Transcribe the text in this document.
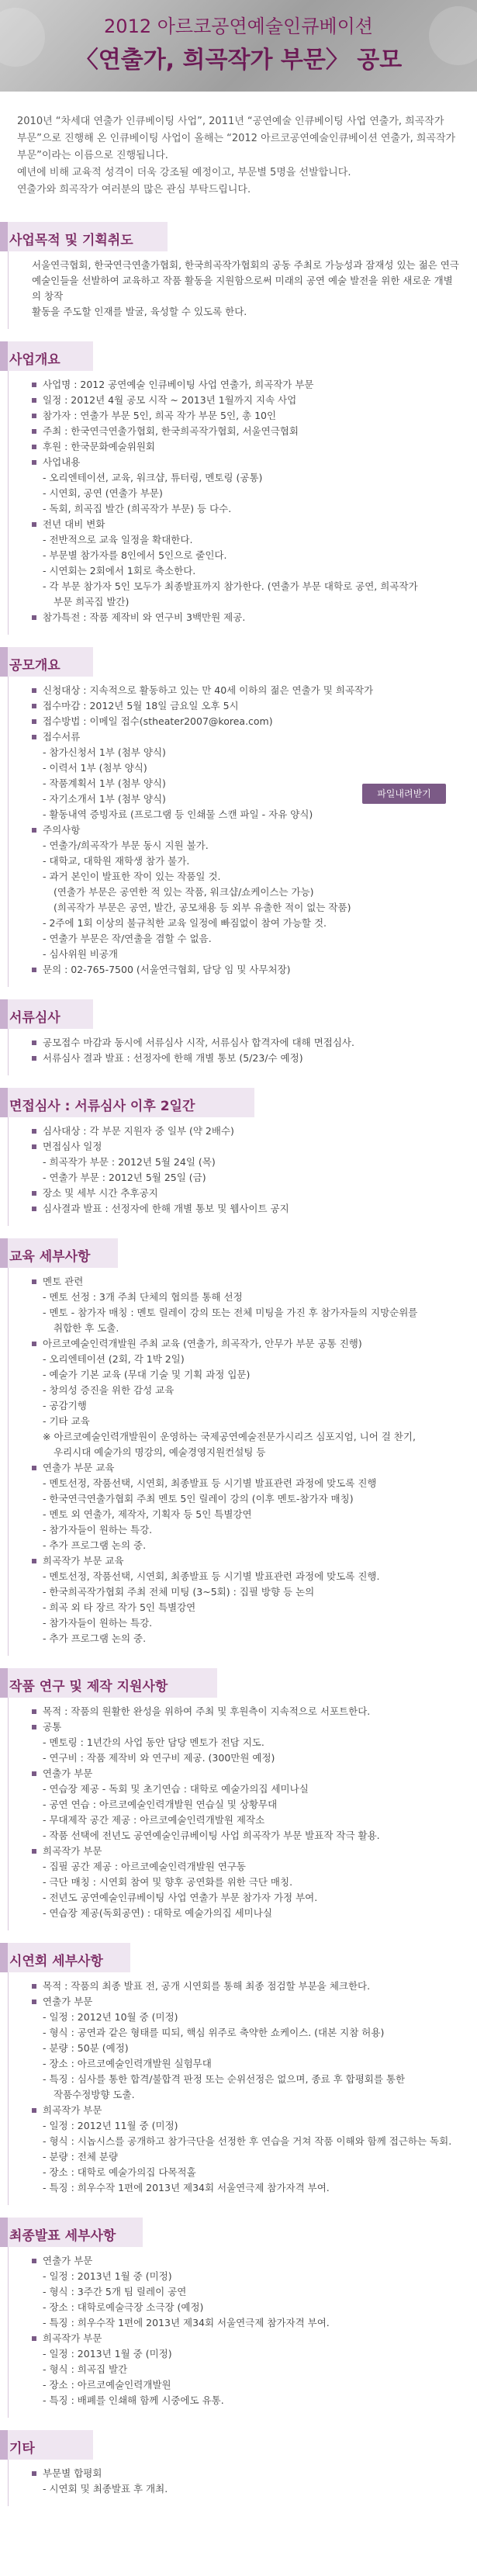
2012 아르코공연예술인큐베이션
〈연출가, 희곡작가 부문〉 공모

2010년 “차세대 연출가 인큐베이팅 사업”, 2011년 “공연예술 인큐베이팅 사업 연출가, 희곡작가

부문”으로 진행해 온 인큐베이팅 사업이 올해는 “2012 아르코공연예술인큐베이션 연출가, 희곡작가

부문”이라는 이름으로 진행됩니다.

예년에 비해 교육적 성격이 더욱 강조될 예정이고, 부문별 5명을 선발합니다.

연출가와 희곡작가 여러분의 많은 관심 부탁드립니다.

사업목적 및 기획취도
서울연극협회, 한국연극연출가협회, 한국희곡작가협회의 공동 주최로 가능성과 잠재성 있는 젊은 연극
예술인들을 선발하여 교육하고 작품 활동을 지원함으로써 미래의 공연 예술 발전을 위한 새로운 개별의 창작
활동을 주도할 인재를 발굴, 육성할 수 있도록 한다.
사업개요
사업명 : 2012 공연예술 인큐베이팅 사업 연출가, 희곡작가 부문
일정 : 2012년 4월 공모 시작 ~ 2013년 1월까지 지속 사업
참가자 : 연출가 부문 5인, 희곡 작가 부문 5인, 총 10인
주최 : 한국연극연출가협회, 한국희곡작가협회, 서울연극협회
후원 : 한국문화예술위원회
사업내용
- 오리엔테이션, 교육, 워크샵, 튜터링, 멘토링 (공통)
- 시연회, 공연 (연출가 부문)
- 독회, 희곡집 발간 (희곡작가 부문) 등 다수.
전년 대비 변화
- 전반적으로 교육 일정을 확대한다.
- 부문별 참가자를 8인에서 5인으로 줄인다.
- 시연회는 2회에서 1회로 축소한다.
- 각 부문 참가자 5인 모두가 최종발표까지 참가한다. (연출가 부문 대학로 공연, 희곡작가
부문 희곡집 발간)
참가특전 : 작품 제작비 와 연구비 3백만원 제공.
공모개요
신청대상 : 지속적으로 활동하고 있는 만 40세 이하의 젊은 연출가 및 희곡작가
접수마감 : 2012년 5월 18일 금요일 오후 5시
접수방법 : 이메일 접수(stheater2007@korea.com)
접수서류
- 참가신청서 1부 (첨부 양식)
- 이력서 1부 (첨부 양식)
- 작품계획서 1부 (첨부 양식)
- 자기소개서 1부 (첨부 양식)
- 활동내역 증빙자료 (프로그램 등 인쇄물 스캔 파일 - 자유 양식)
주의사항
- 연출가/희곡작가 부문 동시 지원 불가.
- 대학교, 대학원 재학생 참가 불가.
- 과거 본인이 발표한 작이 있는 작품일 것.
(연출가 부문은 공연한 적 있는 작품, 워크샵/쇼케이스는 가능)
(희곡작가 부문은 공연, 발간, 공모채용 등 외부 유출한 적이 없는 작품)
- 2주에 1회 이상의 불규칙한 교육 일정에 빠짐없이 참여 가능할 것.
- 연출가 부문은 작/연출을 겸할 수 없음.
- 심사위원 비공개
문의 : 02-765-7500 (서울연극협회, 담당 임 및 사무처장)
파일내려받기
서류심사
공모접수 마감과 동시에 서류심사 시작, 서류심사 합격자에 대해 면접심사.
서류심사 결과 발표 : 선정자에 한해 개별 통보 (5/23/수 예정)
면접심사 : 서류심사 이후 2일간
심사대상 : 각 부문 지원자 중 일부 (약 2배수)
면접심사 일정
- 희곡작가 부문 : 2012년 5월 24일 (목)
- 연출가 부문 : 2012년 5월 25일 (금)
장소 및 세부 시간 추후공지
심사결과 발표 : 선정자에 한해 개별 통보 및 웹사이트 공지
교육 세부사항
멘토 관련
- 멘토 선정 : 3개 주최 단체의 협의를 통해 선정
- 멘토 - 참가자 매칭 : 멘토 릴레이 강의 또는 전체 미팅을 가진 후 참가자들의 지망순위를
취합한 후 도출.
아르코예술인력개발원 주최 교육 (연출가, 희곡작가, 안무가 부문 공통 진행)
- 오리엔테이션 (2회, 각 1박 2일)
- 예술가 기본 교육 (무대 기술 및 기획 과정 입문)
- 창의성 증진을 위한 감성 교육
- 공감기행
- 기타 교육
※ 아르코예술인력개발원이 운영하는 국제공연예술전문가시리즈 심포지엄, 니어 걸 찬기,
우리시대 예술가의 명강의, 예술경영지원컨설팅 등
연출가 부문 교육
- 멘토선정, 작품선택, 시연회, 최종발표 등 시기별 발표관련 과정에 맞도록 진행
- 한국연극연출가협회 주최 멘토 5인 릴레이 강의 (이후 멘토-참가자 매칭)
- 멘토 외 연출가, 제작자, 기획자 등 5인 특별강연
- 참가자들이 원하는 특강.
- 추가 프로그램 논의 중.
희곡작가 부문 교육
- 멘토선정, 작품선택, 시연회, 최종발표 등 시기별 발표관련 과정에 맞도록 진행.
- 한국희곡작가협회 주최 전체 미팅 (3~5회) : 집필 방향 등 논의
- 희곡 외 타 장르 작가 5인 특별강연
- 참가자들이 원하는 특강.
- 추가 프로그램 논의 중.
작품 연구 및 제작 지원사항
목적 : 작품의 원활한 완성을 위하여 주최 및 후원측이 지속적으로 서포트한다.
공통
- 멘토링 : 1년간의 사업 동안 담당 멘토가 전담 지도.
- 연구비 : 작품 제작비 와 연구비 제공. (300만원 예정)
연출가 부문
- 연습장 제공 - 독회 및 초기연습 : 대학로 예술가의집 세미나실
- 공연 연습 : 아르코예술인력개발원 연습실 및 상황무대
- 무대제작 공간 제공 : 아르코예술인력개발원 제작소
- 작품 선택에 전년도 공연예술인큐베이팅 사업 희곡작가 부문 발표작 작극 활용.
희곡작가 부문
- 집필 공간 제공 : 아르코예술인력개발원 연구동
- 극단 매칭 : 시연회 참여 및 향후 공연화를 위한 극단 매칭.
- 전년도 공연예술인큐베이팅 사업 연출가 부문 참가자 가정 부여.
- 연습장 제공(독회공연) : 대학로 예술가의집 세미나실
시연회 세부사항
목적 : 작품의 최종 발표 전, 공개 시연회를 통해 최종 점검할 부분을 체크한다.
연출가 부문
- 일정 : 2012년 10월 중 (미정)
- 형식 : 공연과 같은 형태를 띠되, 핵심 위주로 축약한 쇼케이스. (대본 지참 허용)
- 분량 : 50분 (예정)
- 장소 : 아르코예술인력개발원 실험무대
- 특징 : 심사를 통한 합격/불합격 판정 또는 순위선정은 없으며, 종료 후 합평회를 통한
작품수정방향 도출.
희곡작가 부문
- 일정 : 2012년 11월 중 (미정)
- 형식 : 시놉시스를 공개하고 참가극단을 선정한 후 연습을 거쳐 작품 이해와 함께 접근하는 독회.
- 분량 : 전체 분량
- 장소 : 대학로 예술가의집 다목적홀
- 특징 : 희우수작 1편에 2013년 제34회 서울연극제 참가자격 부여.
최종발표 세부사항
연출가 부문
- 일정 : 2013년 1월 중 (미정)
- 형식 : 3주간 5개 팀 릴레이 공연
- 장소 : 대학로예술극장 소극장 (예정)
- 특징 : 희우수작 1편에 2013년 제34회 서울연극제 참가자격 부여.
희곡작가 부문
- 일정 : 2013년 1월 중 (미정)
- 형식 : 희곡집 발간
- 장소 : 아르코예술인력개발원
- 특징 : 배폐를 인쇄해 함께 시중에도 유통.
기타
부문별 합평회
- 시연회 및 최종발표 후 개최.
